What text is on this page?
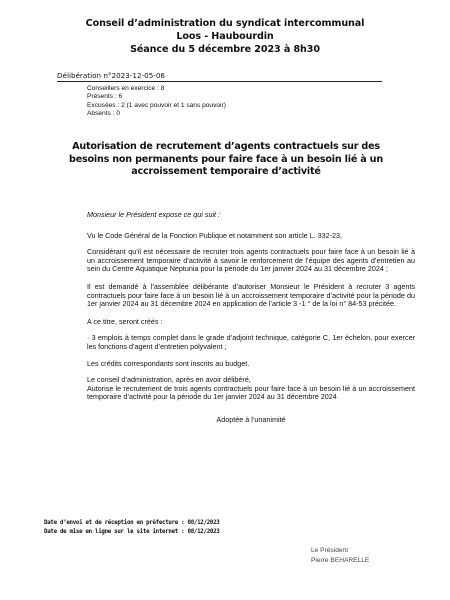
Conseil d’administration du syndicat intercommunal
Loos - Haubourdin
Séance du 5 décembre 2023 à 8h30
Délibération n°2023-12-05-06
Conseillers en exercice : 8
Présents : 6
Excusées : 2 (1 avec pouvoir et 1 sans pouvoir)
Absents : 0
Autorisation de recrutement d’agents contractuels sur des besoins non permanents pour faire face à un besoin lié à un accroissement temporaire d’activité

Monsieur le Président expose ce qui suit :

Vu le Code Général de la Fonction Publique et notamment son article L. 332-23,

Considérant qu’il est nécessaire de recruter trois agents contractuels pour faire face à un besoin lié à un accroissement temporaire d’activité à savoir le renforcement de l’équipe des agents d’entretien au sein du Centre Aquatique Neptunia pour la période du 1er janvier 2024 au 31 décembre 2024 ;

Il est demandé à l’assemblée délibérante d’autoriser Monsieur le Président à recruter 3 agents contractuels pour faire face à un besoin lié à un accroissement temporaire d’activité pour la période du 1er janvier 2024 au 31 décembre 2024 en application de l’article 3 -1 ° de la loi n° 84-53 précitée.

A ce titre, seront créés :

· 3 emplois à temps complet dans le grade d’adjoint technique, catégorie C, 1er échelon, pour exercer les fonctions d’agent d’entretien polyvalent ;

Les crédits correspondants sont inscrits au budget.

Le conseil d’administration, après en avoir délibéré,

Autorise le recrutement de trois agents contractuels pour faire face à un besoin lié à un accroissement temporaire d’activité pour la période du 1er janvier 2024 au 31 décembre 2024

Adoptée à l’unanimité
Date d’envoi et de réception en préfecture : 08/12/2023
Date de mise en ligne sur le site internet : 08/12/2023
Le Président
Pierre BEHARELLE
